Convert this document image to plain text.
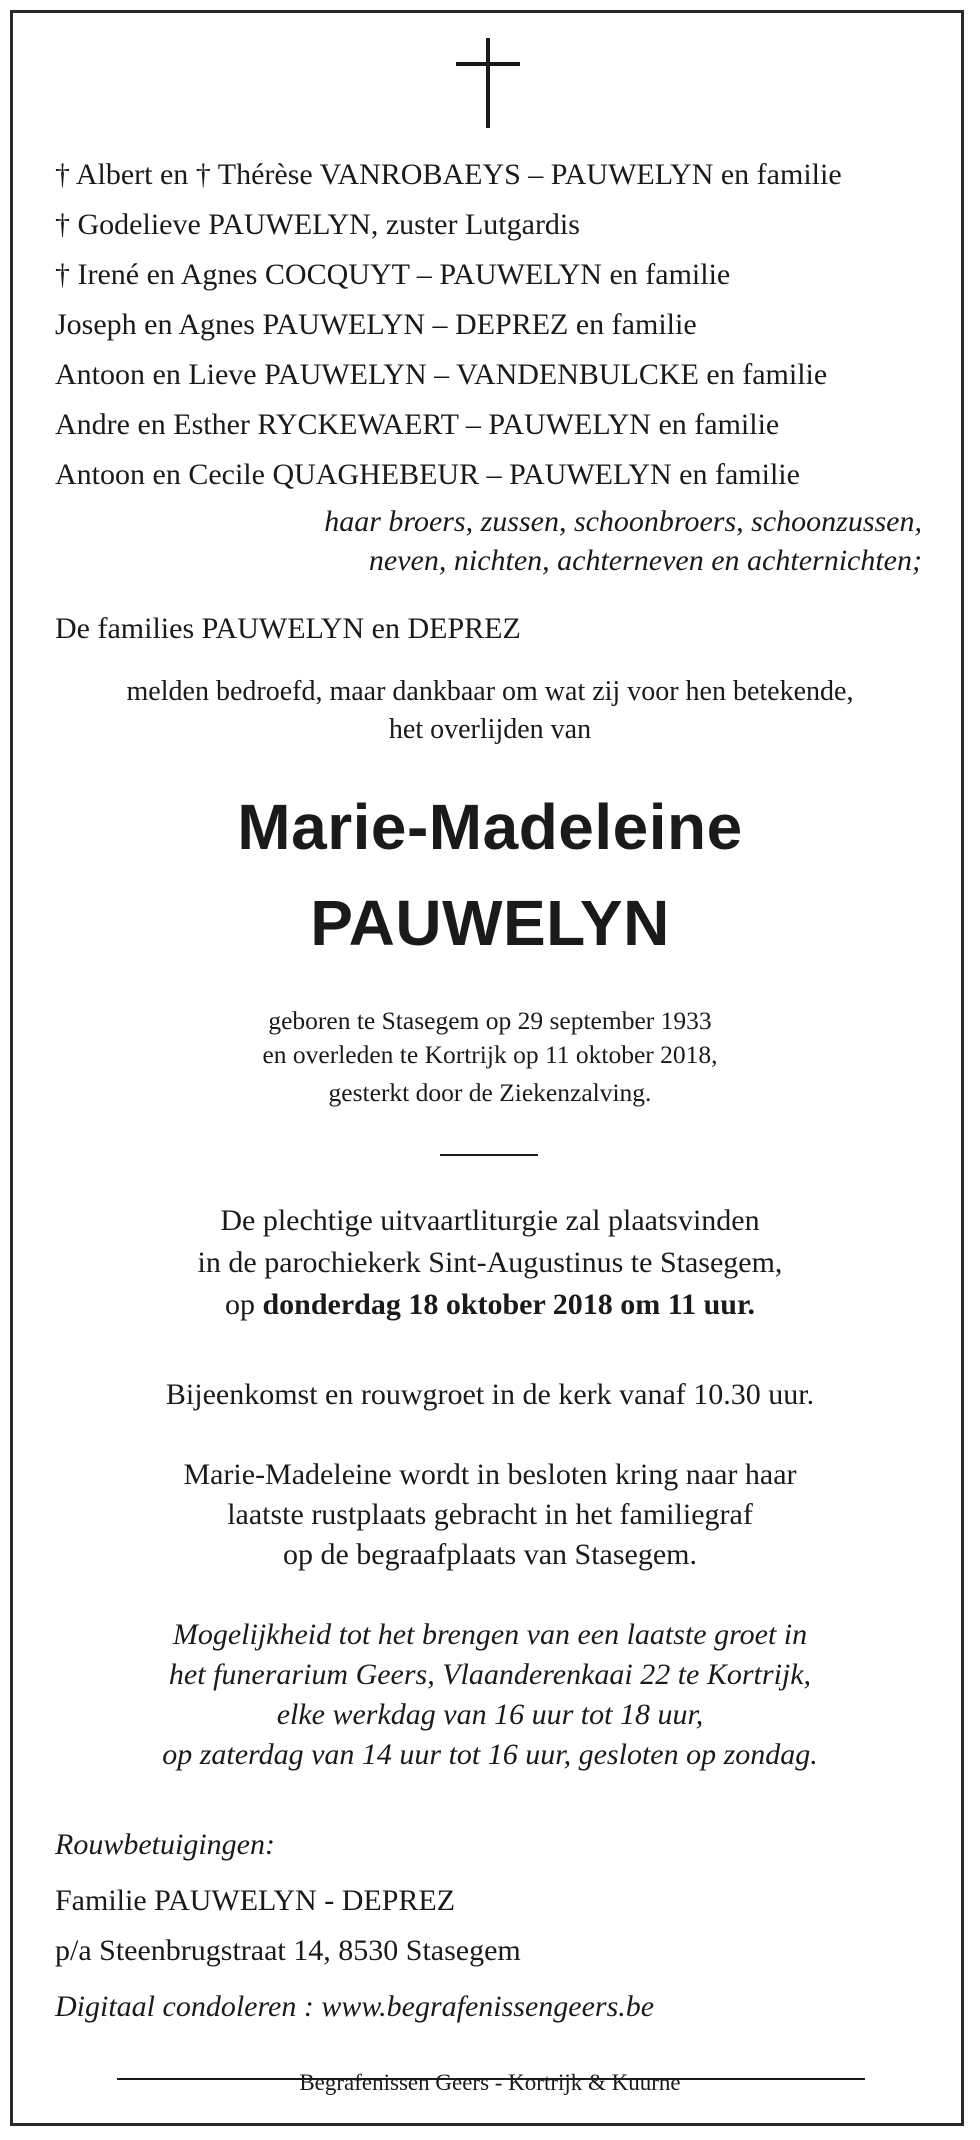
† Albert en † Thérèse VANROBAEYS – PAUWELYN en familie
† Godelieve PAUWELYN, zuster Lutgardis
† Irené en Agnes COCQUYT – PAUWELYN en familie
Joseph en Agnes PAUWELYN – DEPREZ en familie
Antoon en Lieve PAUWELYN – VANDENBULCKE en familie
Andre en Esther RYCKEWAERT – PAUWELYN en familie
Antoon en Cecile QUAGHEBEUR – PAUWELYN en familie
haar broers, zussen, schoonbroers, schoonzussen,
neven, nichten, achterneven en achternichten;
De families PAUWELYN en DEPREZ
melden bedroefd, maar dankbaar om wat zij voor hen betekende,
het overlijden van
Marie-Madeleine
PAUWELYN
geboren te Stasegem op 29 september 1933
en overleden te Kortrijk op 11 oktober 2018,
gesterkt door de Ziekenzalving.
De plechtige uitvaartliturgie zal plaatsvinden
in de parochiekerk Sint-Augustinus te Stasegem,
op donderdag 18 oktober 2018 om 11 uur.
Bijeenkomst en rouwgroet in de kerk vanaf 10.30 uur.
Marie-Madeleine wordt in besloten kring naar haar
laatste rustplaats gebracht in het familiegraf
op de begraafplaats van Stasegem.
Mogelijkheid tot het brengen van een laatste groet in
het funerarium Geers, Vlaanderenkaai 22 te Kortrijk,
elke werkdag van 16 uur tot 18 uur,
op zaterdag van 14 uur tot 16 uur, gesloten op zondag.
Rouwbetuigingen:
Familie PAUWELYN - DEPREZ
p/a Steenbrugstraat 14, 8530 Stasegem
Digitaal condoleren : www.begrafenissengeers.be
Begrafenissen Geers - Kortrijk & Kuurne
